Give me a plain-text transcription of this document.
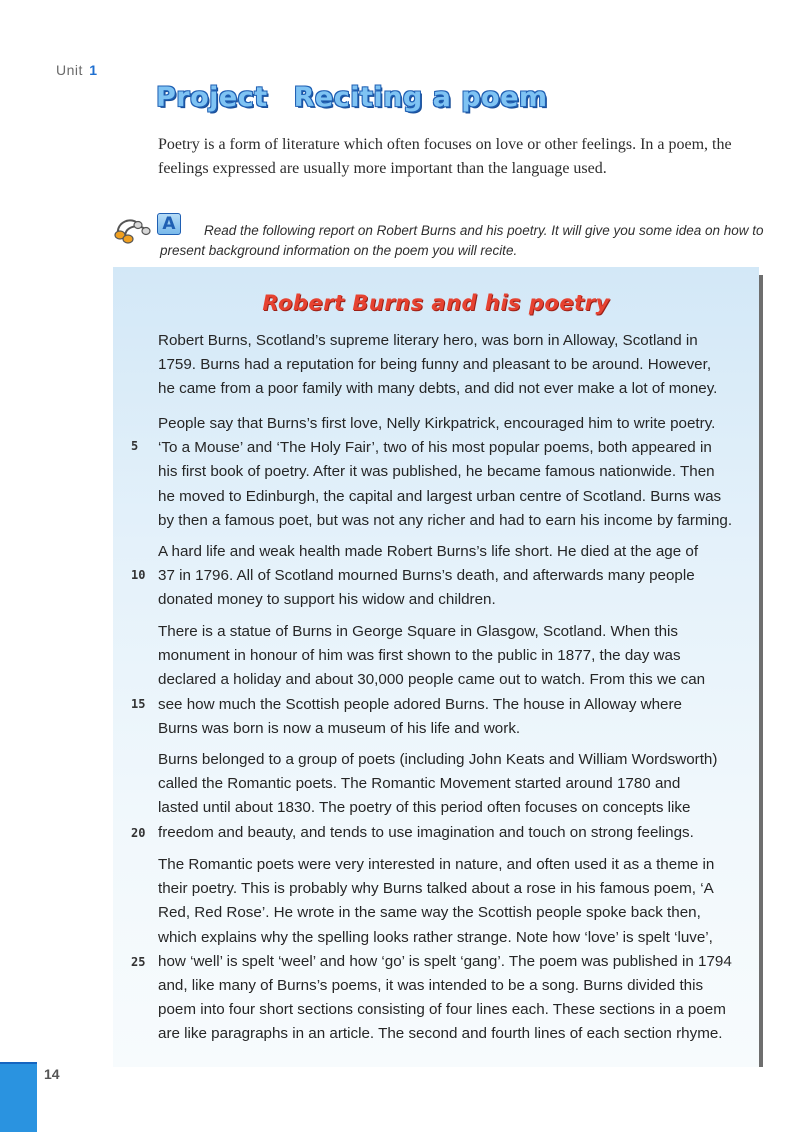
Unit 1
Project Reciting a poem
Poetry is a form of literature which often focuses on love or other feelings. In a poem, the feelings expressed are usually more important than the language used.
A	Read the following report on Robert Burns and his poetry. It will give you some idea on how to present background information on the poem you will recite.
Robert Burns and his poetry

Robert Burns, Scotland’s supreme literary hero, was born in Alloway, Scotland in
1759. Burns had a reputation for being funny and pleasant to be around. However,
he came from a poor family with many debts, and did not ever make a lot of money.

People say that Burns’s first love, Nelly Kirkpatrick, encouraged him to write poetry.
‘To a Mouse’ and ‘The Holy Fair’, two of his most popular poems, both appeared in
his first book of poetry. After it was published, he became famous nationwide. Then
he moved to Edinburgh, the capital and largest urban centre of Scotland. Burns was
by then a famous poet, but was not any richer and had to earn his income by farming.

A hard life and weak health made Robert Burns’s life short. He died at the age of
37 in 1796. All of Scotland mourned Burns’s death, and afterwards many people
donated money to support his widow and children.

There is a statue of Burns in George Square in Glasgow, Scotland. When this
monument in honour of him was first shown to the public in 1877, the day was
declared a holiday and about 30,000 people came out to watch. From this we can
see how much the Scottish people adored Burns. The house in Alloway where
Burns was born is now a museum of his life and work.

Burns belonged to a group of poets (including John Keats and William Wordsworth)
called the Romantic poets. The Romantic Movement started around 1780 and
lasted until about 1830. The poetry of this period often focuses on concepts like
freedom and beauty, and tends to use imagination and touch on strong feelings.

The Romantic poets were very interested in nature, and often used it as a theme in
their poetry. This is probably why Burns talked about a rose in his famous poem, ‘A
Red, Red Rose’. He wrote in the same way the Scottish people spoke back then,
which explains why the spelling looks rather strange. Note how ‘love’ is spelt ‘luve’,
how ‘well’ is spelt ‘weel’ and how ‘go’ is spelt ‘gang’. The poem was published in 1794
and, like many of Burns’s poems, it was intended to be a song. Burns divided this
poem into four short sections consisting of four lines each. These sections in a poem
are like paragraphs in an article. The second and fourth lines of each section rhyme.

5
10
15
20
25
14
